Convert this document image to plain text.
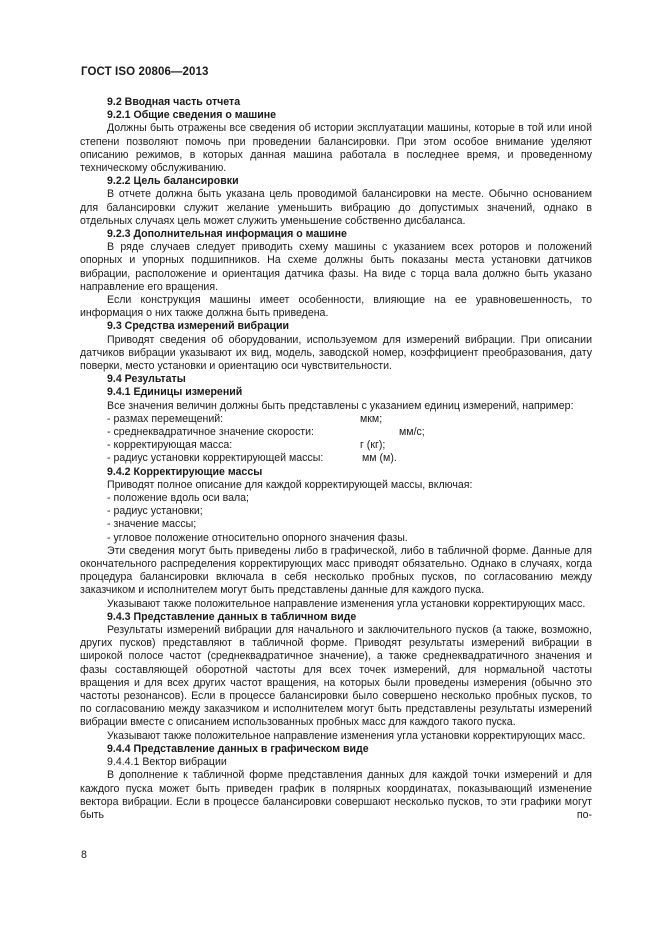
ГОСТ ISO 20806—2013
9.2 Вводная часть отчета
9.2.1 Общие сведения о машине
Должны быть отражены все сведения об истории эксплуатации машины, которые в той или иной степени позволяют помочь при проведении балансировки. При этом особое внимание уделяют описанию режимов, в которых данная машина работала в последнее время, и проведенному техническому обслуживанию.
9.2.2 Цель балансировки
В отчете должна быть указана цель проводимой балансировки на месте. Обычно основанием для балансировки служит желание уменьшить вибрацию до допустимых значений, однако в отдельных случаях цель может служить уменьшение собственно дисбаланса.
9.2.3 Дополнительная информация о машине
В ряде случаев следует приводить схему машины с указанием всех роторов и положений опорных и упорных подшипников. На схеме должны быть показаны места установки датчиков вибрации, расположение и ориентация датчика фазы. На виде с торца вала должно быть указано направление его вращения.
Если конструкция машины имеет особенности, влияющие на ее уравновешенность, то информация о них также должна быть приведена.
9.3 Средства измерений вибрации
Приводят сведения об оборудовании, используемом для измерений вибрации. При описании датчиков вибрации указывают их вид, модель, заводской номер, коэффициент преобразования, дату поверки, место установки и ориентацию оси чувствительности.
9.4 Результаты
9.4.1 Единицы измерений
Все значения величин должны быть представлены с указанием единиц измерений, например:
- размах перемещений:	мкм;
- среднеквадратичное значение скорости:	мм/с;
- корректирующая масса:	г (кг);
- радиус установки корректирующей массы:	мм (м).
9.4.2 Корректирующие массы
Приводят полное описание для каждой корректирующей массы, включая:
- положение вдоль оси вала;
- радиус установки;
- значение массы;
- угловое положение относительно опорного значения фазы.
Эти сведения могут быть приведены либо в графической, либо в табличной форме. Данные для окончательного распределения корректирующих масс приводят обязательно. Однако в случаях, когда процедура балансировки включала в себя несколько пробных пусков, по согласованию между заказчиком и исполнителем могут быть представлены данные для каждого пуска.
Указывают также положительное направление изменения угла установки корректирующих масс.
9.4.3 Представление данных в табличном виде
Результаты измерений вибрации для начального и заключительного пусков (а также, возможно, других пусков) представляют в табличной форме. Приводят результаты измерений вибрации в широкой полосе частот (среднеквадратичное значение), а также среднеквадратичного значения и фазы составляющей оборотной частоты для всех точек измерений, для нормальной частоты вращения и для всех других частот вращения, на которых были проведены измерения (обычно это частоты резонансов). Если в процессе балансировки было совершено несколько пробных пусков, то по согласованию между заказчиком и исполнителем могут быть представлены результаты измерений вибрации вместе с описанием использованных пробных масс для каждого такого пуска.
Указывают также положительное направление изменения угла установки корректирующих масс.
9.4.4 Представление данных в графическом виде
9.4.4.1 Вектор вибрации
В дополнение к табличной форме представления данных для каждой точки измерений и для каждого пуска может быть приведен график в полярных координатах, показывающий изменение вектора вибрации. Если в процессе балансировки совершают несколько пусков, то эти графики могут быть по-
8
